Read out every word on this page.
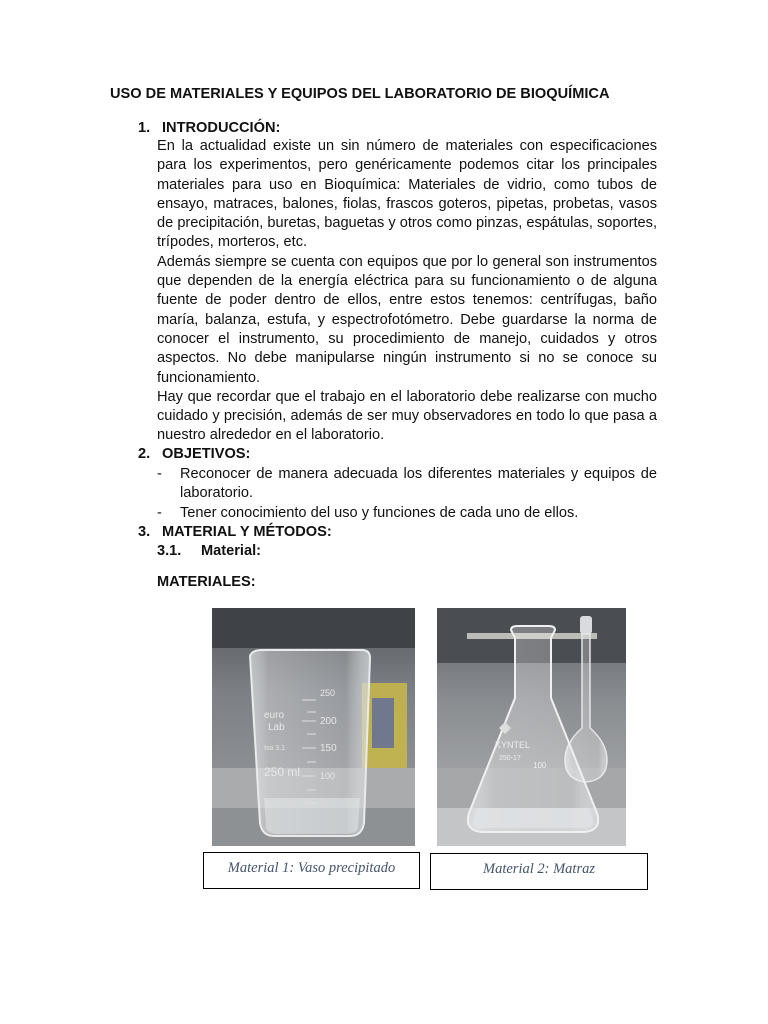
USO DE MATERIALES Y EQUIPOS DEL LABORATORIO DE BIOQUÍMICA
1. INTRODUCCIÓN:

En la actualidad existe un sin número de materiales con especificaciones para los experimentos, pero genéricamente podemos citar los principales materiales para uso en Bioquímica: Materiales de vidrio, como tubos de ensayo, matraces, balones, fiolas, frascos goteros, pipetas, probetas, vasos de precipitación, buretas, baguetas y otros como pinzas, espátulas, soportes, trípodes, morteros, etc.

Además siempre se cuenta con equipos que por lo general son instrumentos que dependen de la energía eléctrica para su funcionamiento o de alguna fuente de poder dentro de ellos, entre estos tenemos: centrífugas, baño maría, balanza, estufa, y espectrofotómetro. Debe guardarse la norma de conocer el instrumento, su procedimiento de manejo, cuidados y otros aspectos. No debe manipularse ningún instrumento si no se conoce su funcionamiento.

Hay que recordar que el trabajo en el laboratorio debe realizarse con mucho cuidado y precisión, además de ser muy observadores en todo lo que pasa a nuestro alrededor en el laboratorio.

2. OBJETIVOS:
- Reconocer de manera adecuada los diferentes materiales y equipos de laboratorio.
- Tener conocimiento del uso y funciones de cada uno de ellos.
3. MATERIAL Y MÉTODOS:
3.1. Material:
MATERIALES:
euro
Lab
250 ml
250
200
150
100
Iso 3.1	KYNTEL
250-17
100
Material 1: Vaso precipitado	Material 2: Matraz
